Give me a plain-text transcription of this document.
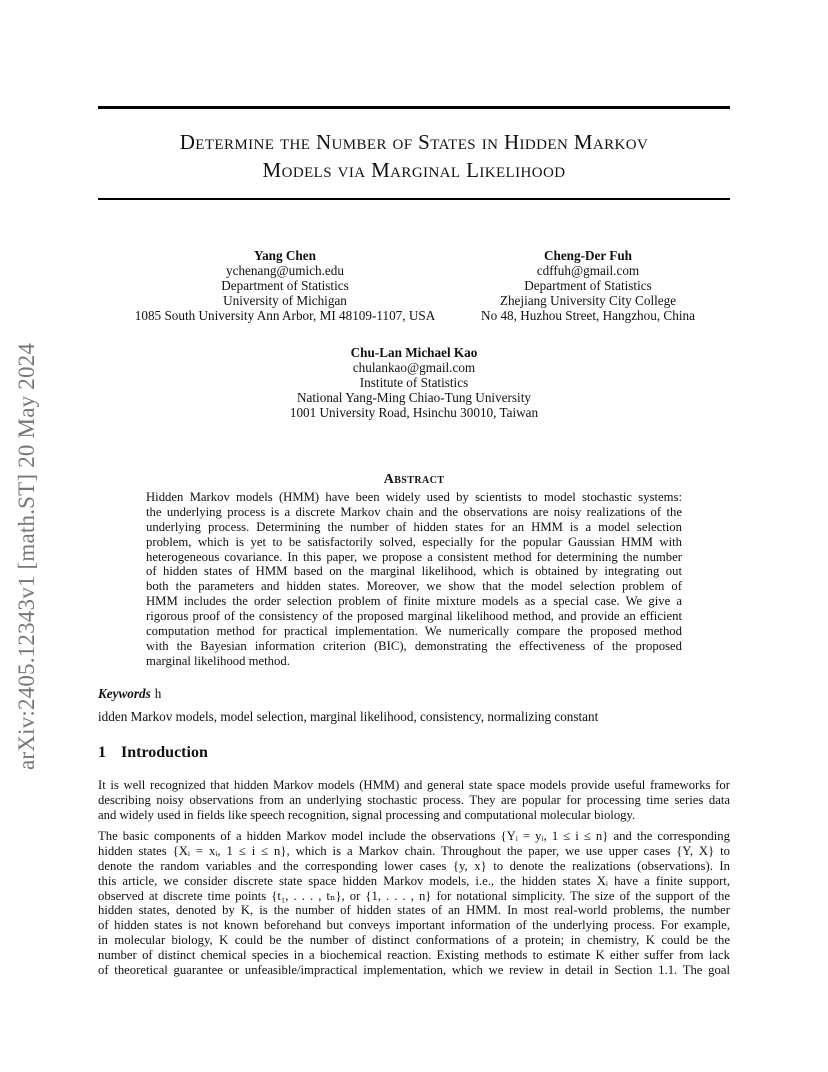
arXiv:2405.12343v1 [math.ST] 20 May 2024
Determine the Number of States in Hidden Markov
Models via Marginal Likelihood
Yang Chen
ychenang@umich.edu
Department of Statistics
University of Michigan
1085 South University Ann Arbor, MI 48109-1107, USA
Cheng-Der Fuh
cdffuh@gmail.com
Department of Statistics
Zhejiang University City College
No 48, Huzhou Street, Hangzhou, China
Chu-Lan Michael Kao
chulankao@gmail.com
Institute of Statistics
National Yang-Ming Chiao-Tung University
1001 University Road, Hsinchu 30010, Taiwan
Abstract
Hidden Markov models (HMM) have been widely used by scientists to model stochastic systems:
the underlying process is a discrete Markov chain and the observations are noisy realizations of the
underlying process. Determining the number of hidden states for an HMM is a model selection
problem, which is yet to be satisfactorily solved, especially for the popular Gaussian HMM with
heterogeneous covariance. In this paper, we propose a consistent method for determining the number
of hidden states of HMM based on the marginal likelihood, which is obtained by integrating out
both the parameters and hidden states. Moreover, we show that the model selection problem of
HMM includes the order selection problem of finite mixture models as a special case. We give a
rigorous proof of the consistency of the proposed marginal likelihood method, and provide an efficient
computation method for practical implementation. We numerically compare the proposed method
with the Bayesian information criterion (BIC), demonstrating the effectiveness of the proposed
marginal likelihood method.
Keywords h
idden Markov models, model selection, marginal likelihood, consistency, normalizing constant
1 Introduction
It is well recognized that hidden Markov models (HMM) and general state space models provide useful frameworks for
describing noisy observations from an underlying stochastic process. They are popular for processing time series data
and widely used in fields like speech recognition, signal processing and computational molecular biology.
The basic components of a hidden Markov model include the observations {Yᵢ = yᵢ, 1 ≤ i ≤ n} and the corresponding
hidden states {Xᵢ = xᵢ, 1 ≤ i ≤ n}, which is a Markov chain. Throughout the paper, we use upper cases {Y, X} to
denote the random variables and the corresponding lower cases {y, x} to denote the realizations (observations). In
this article, we consider discrete state space hidden Markov models, i.e., the hidden states Xᵢ have a finite support,
observed at discrete time points {t₁, . . . , tₙ}, or {1, . . . , n} for notational simplicity. The size of the support of the
hidden states, denoted by K, is the number of hidden states of an HMM. In most real-world problems, the number
of hidden states is not known beforehand but conveys important information of the underlying process. For example,
in molecular biology, K could be the number of distinct conformations of a protein; in chemistry, K could be the
number of distinct chemical species in a biochemical reaction. Existing methods to estimate K either suffer from lack
of theoretical guarantee or unfeasible/impractical implementation, which we review in detail in Section 1.1. The goal
